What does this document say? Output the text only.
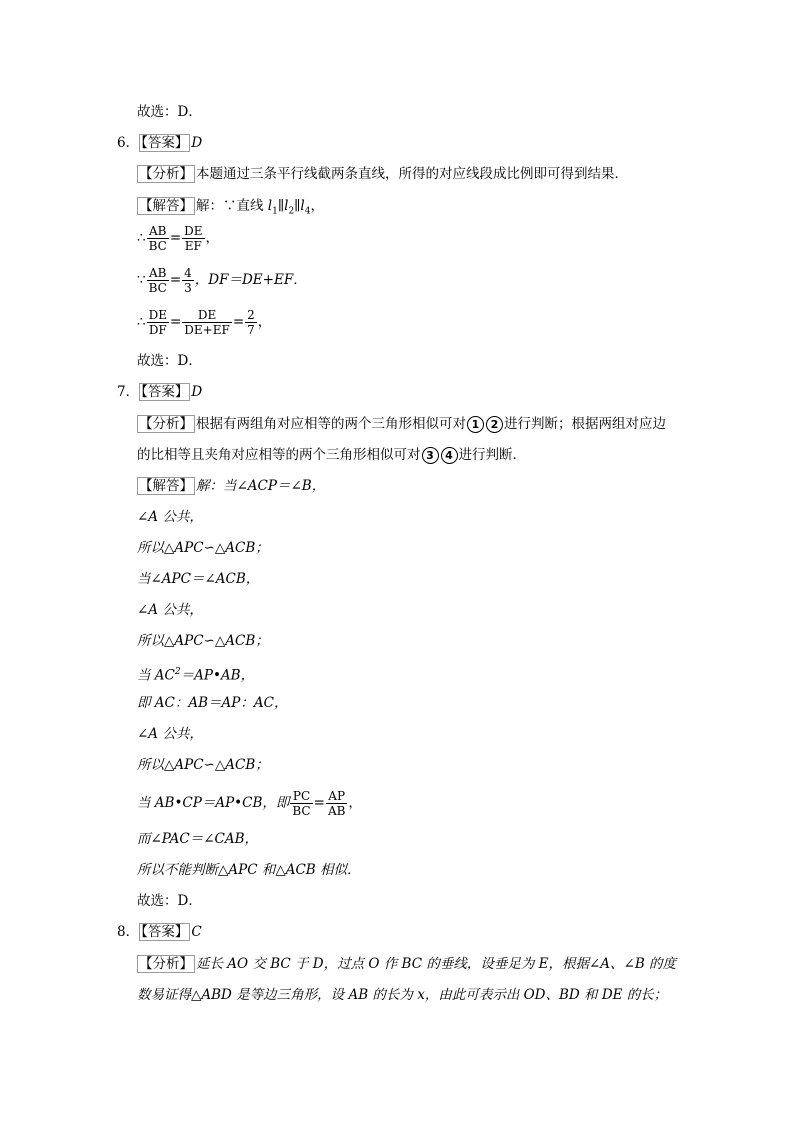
故选：D．
6． 【答案】 D
【分析】 本题通过三条平行线截两条直线，所得的对应线段成比例即可得到结果．
【解答】 解：∵直线 $l_1\parallel l_2\parallel l_4$，
∴ $\frac{AB}{BC} = \frac{DE}{EF}$ ，
∵ $\frac{AB}{BC} = \frac{4}{3}$ ，DF＝DE+EF．
∴ $\frac{DE}{DF} = \frac{DE}{DE+EF} = \frac{2}{7}$ ，
故选：D．
7． 【答案】 D
【分析】 根据有两组角对应相等的两个三角形相似可对 1 2 进行判断；根据两组对应边
的比相等且夹角对应相等的两个三角形相似可对 3 4 进行判断．
【解答】 解：当∠ACP＝∠B，
∠A 公共，
所以△APC∽△ACB；
当∠APC＝∠ACB，
∠A 公共，
所以△APC∽△ACB；
当 $AC^2=AP•AB$，
即 AC：AB＝AP：AC，
∠A 公共，
所以△APC∽△ACB；
当 AB•CP＝AP•CB，即 $\frac{PC}{BC} = \frac{AP}{AB}$ ，
而∠PAC＝∠CAB，
所以不能判断△APC 和△ACB 相似．
故选：D．
8． 【答案】 C
【分析】 延长 AO 交 BC 于 D，过点 O 作 BC 的垂线，设垂足为 E，根据∠A、∠B 的度
数易证得△ABD 是等边三角形，设 AB 的长为 x，由此可表示出 OD、BD 和 DE 的长；
